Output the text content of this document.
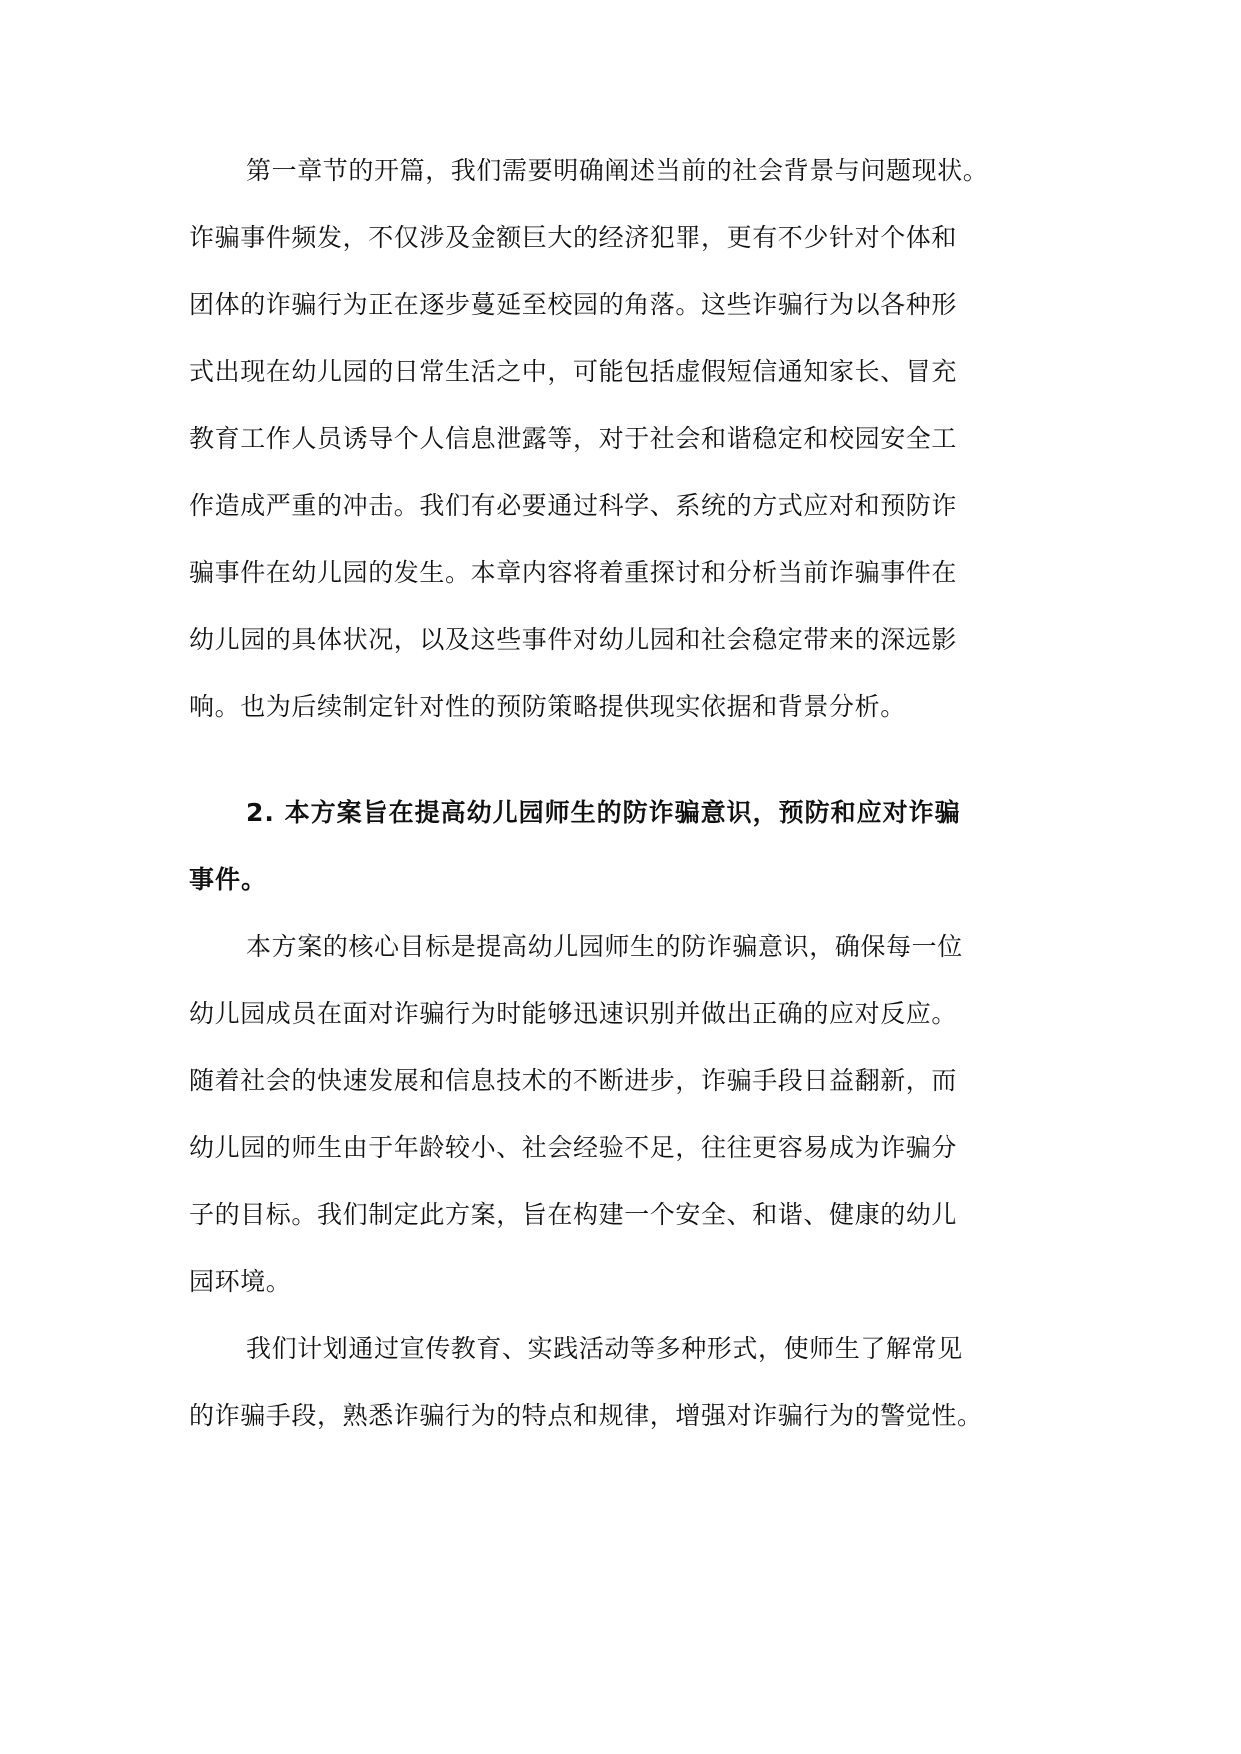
第一章节的开篇，我们需要明确阐述当前的社会背景与问题现状。
诈骗事件频发，不仅涉及金额巨大的经济犯罪，更有不少针对个体和
团体的诈骗行为正在逐步蔓延至校园的角落。这些诈骗行为以各种形
式出现在幼儿园的日常生活之中，可能包括虚假短信通知家长、冒充
教育工作人员诱导个人信息泄露等，对于社会和谐稳定和校园安全工
作造成严重的冲击。我们有必要通过科学、系统的方式应对和预防诈
骗事件在幼儿园的发生。本章内容将着重探讨和分析当前诈骗事件在
幼儿园的具体状况，以及这些事件对幼儿园和社会稳定带来的深远影
响。也为后续制定针对性的预防策略提供现实依据和背景分析。
2. 本方案旨在提高幼儿园师生的防诈骗意识，预防和应对诈骗
事件。
本方案的核心目标是提高幼儿园师生的防诈骗意识，确保每一位
幼儿园成员在面对诈骗行为时能够迅速识别并做出正确的应对反应。
随着社会的快速发展和信息技术的不断进步，诈骗手段日益翻新，而
幼儿园的师生由于年龄较小、社会经验不足，往往更容易成为诈骗分
子的目标。我们制定此方案，旨在构建一个安全、和谐、健康的幼儿
园环境。
我们计划通过宣传教育、实践活动等多种形式，使师生了解常见
的诈骗手段，熟悉诈骗行为的特点和规律，增强对诈骗行为的警觉性。
